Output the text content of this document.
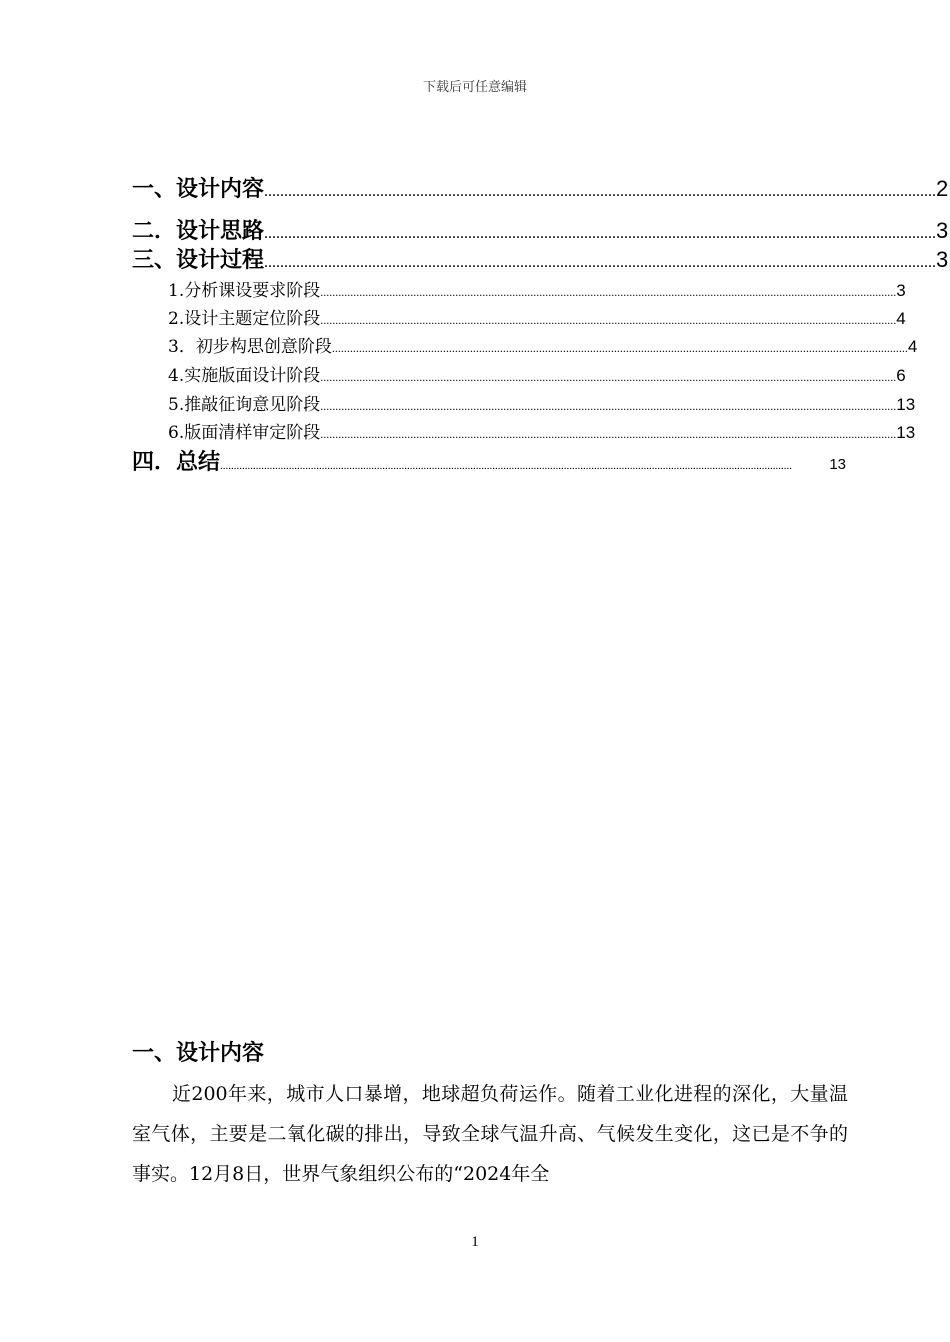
下载后可任意编辑
一、设计内容 ........................................................................................................................................................................ 2
二．设计思路 ........................................................................................................................................................................ 3
三、设计过程 ........................................................................................................................................................................ 3
1.分析课设要求阶段 ................................................................................................................................................................................................ 3
2.设计主题定位阶段 ................................................................................................................................................................................................ 4
3．初步构思创意阶段 ................................................................................................................................................................................................ 4
4.实施版面设计阶段 ................................................................................................................................................................................................ 6
5.推敲征询意见阶段 ................................................................................................................................................................................................ 13
6.版面清样审定阶段 ................................................................................................................................................................................................ 13
四．总结 ................................................................................................................................................................................................................	13
一、设计内容
近200年来，城市人口暴增，地球超负荷运作。随着工业化进程的深化，大量温室气体，主要是二氧化碳的排出，导致全球气温升高、气候发生变化，这已是不争的事实。12月8日，世界气象组织公布的“2024年全
1
